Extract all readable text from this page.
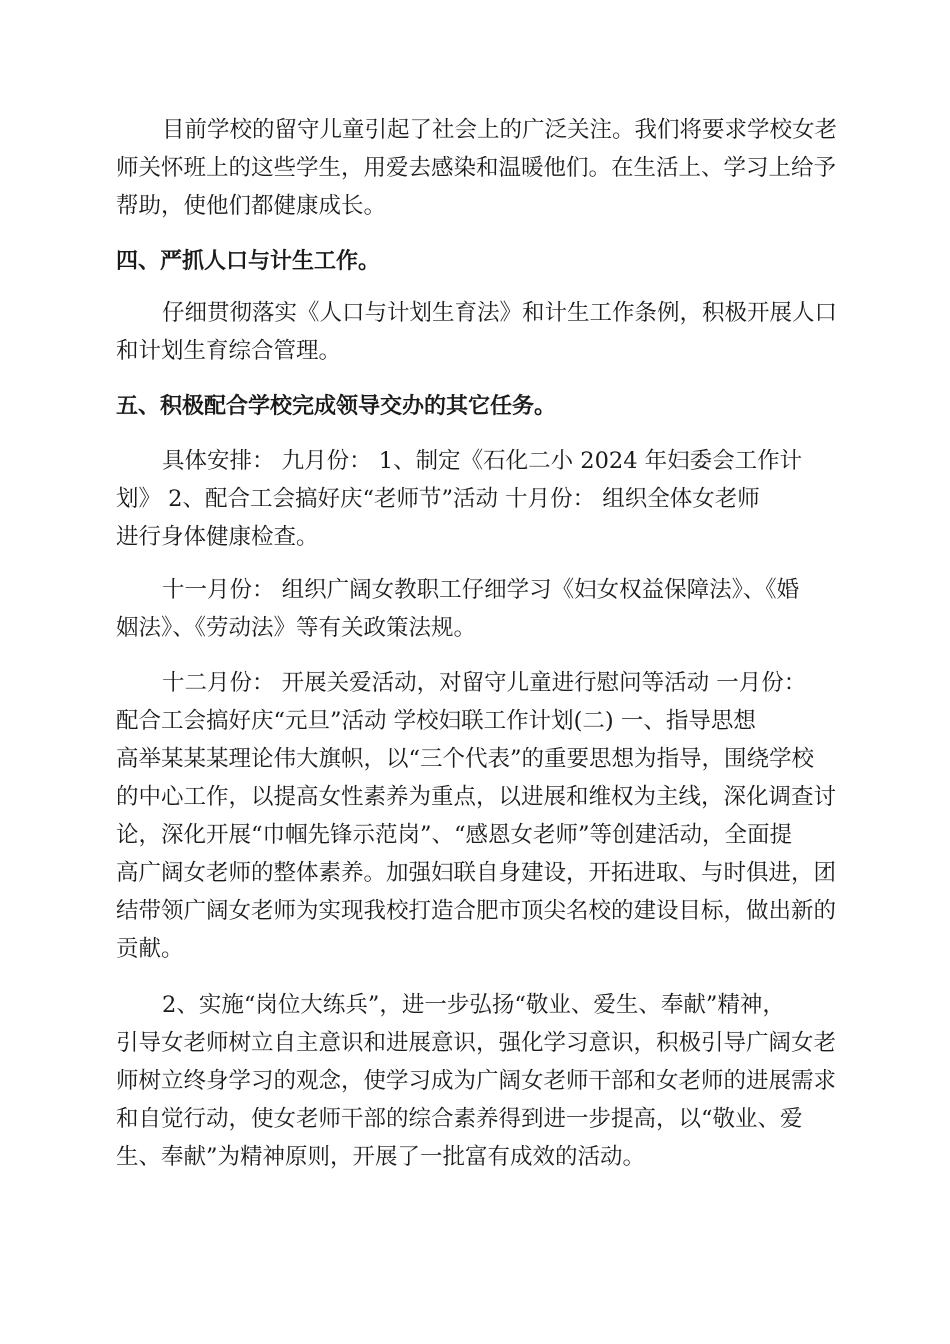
目前学校的留守儿童引起了社会上的广泛关注。我们将要求学校女老
师关怀班上的这些学生，用爱去感染和温暖他们。在生活上、学习上给予
帮助，使他们都健康成长。
四、严抓人口与计生工作。
仔细贯彻落实《人口与计划生育法》和计生工作条例，积极开展人口
和计划生育综合管理。
五、积极配合学校完成领导交办的其它任务。
具体安排： 九月份： 1、制定《石化二小 2024 年妇委会工作计
划》 2、配合工会搞好庆“老师节”活动 十月份： 组织全体女老师
进行身体健康检查。
十一月份： 组织广阔女教职工仔细学习《妇女权益保障法》、《婚
姻法》、《劳动法》等有关政策法规。
十二月份： 开展关爱活动，对留守儿童进行慰问等活动 一月份：
配合工会搞好庆“元旦”活动 学校妇联工作计划(二) 一、指导思想
高举某某某理论伟大旗帜，以“三个代表”的重要思想为指导，围绕学校
的中心工作，以提高女性素养为重点，以进展和维权为主线，深化调查讨
论，深化开展“巾帼先锋示范岗”、“感恩女老师”等创建活动，全面提
高广阔女老师的整体素养。加强妇联自身建设，开拓进取、与时俱进，团
结带领广阔女老师为实现我校打造合肥市顶尖名校的建设目标，做出新的
贡献。
2、实施“岗位大练兵”，进一步弘扬“敬业、爱生、奉献”精神，
引导女老师树立自主意识和进展意识，强化学习意识，积极引导广阔女老
师树立终身学习的观念，使学习成为广阔女老师干部和女老师的进展需求
和自觉行动，使女老师干部的综合素养得到进一步提高，以“敬业、爱
生、奉献”为精神原则，开展了一批富有成效的活动。
